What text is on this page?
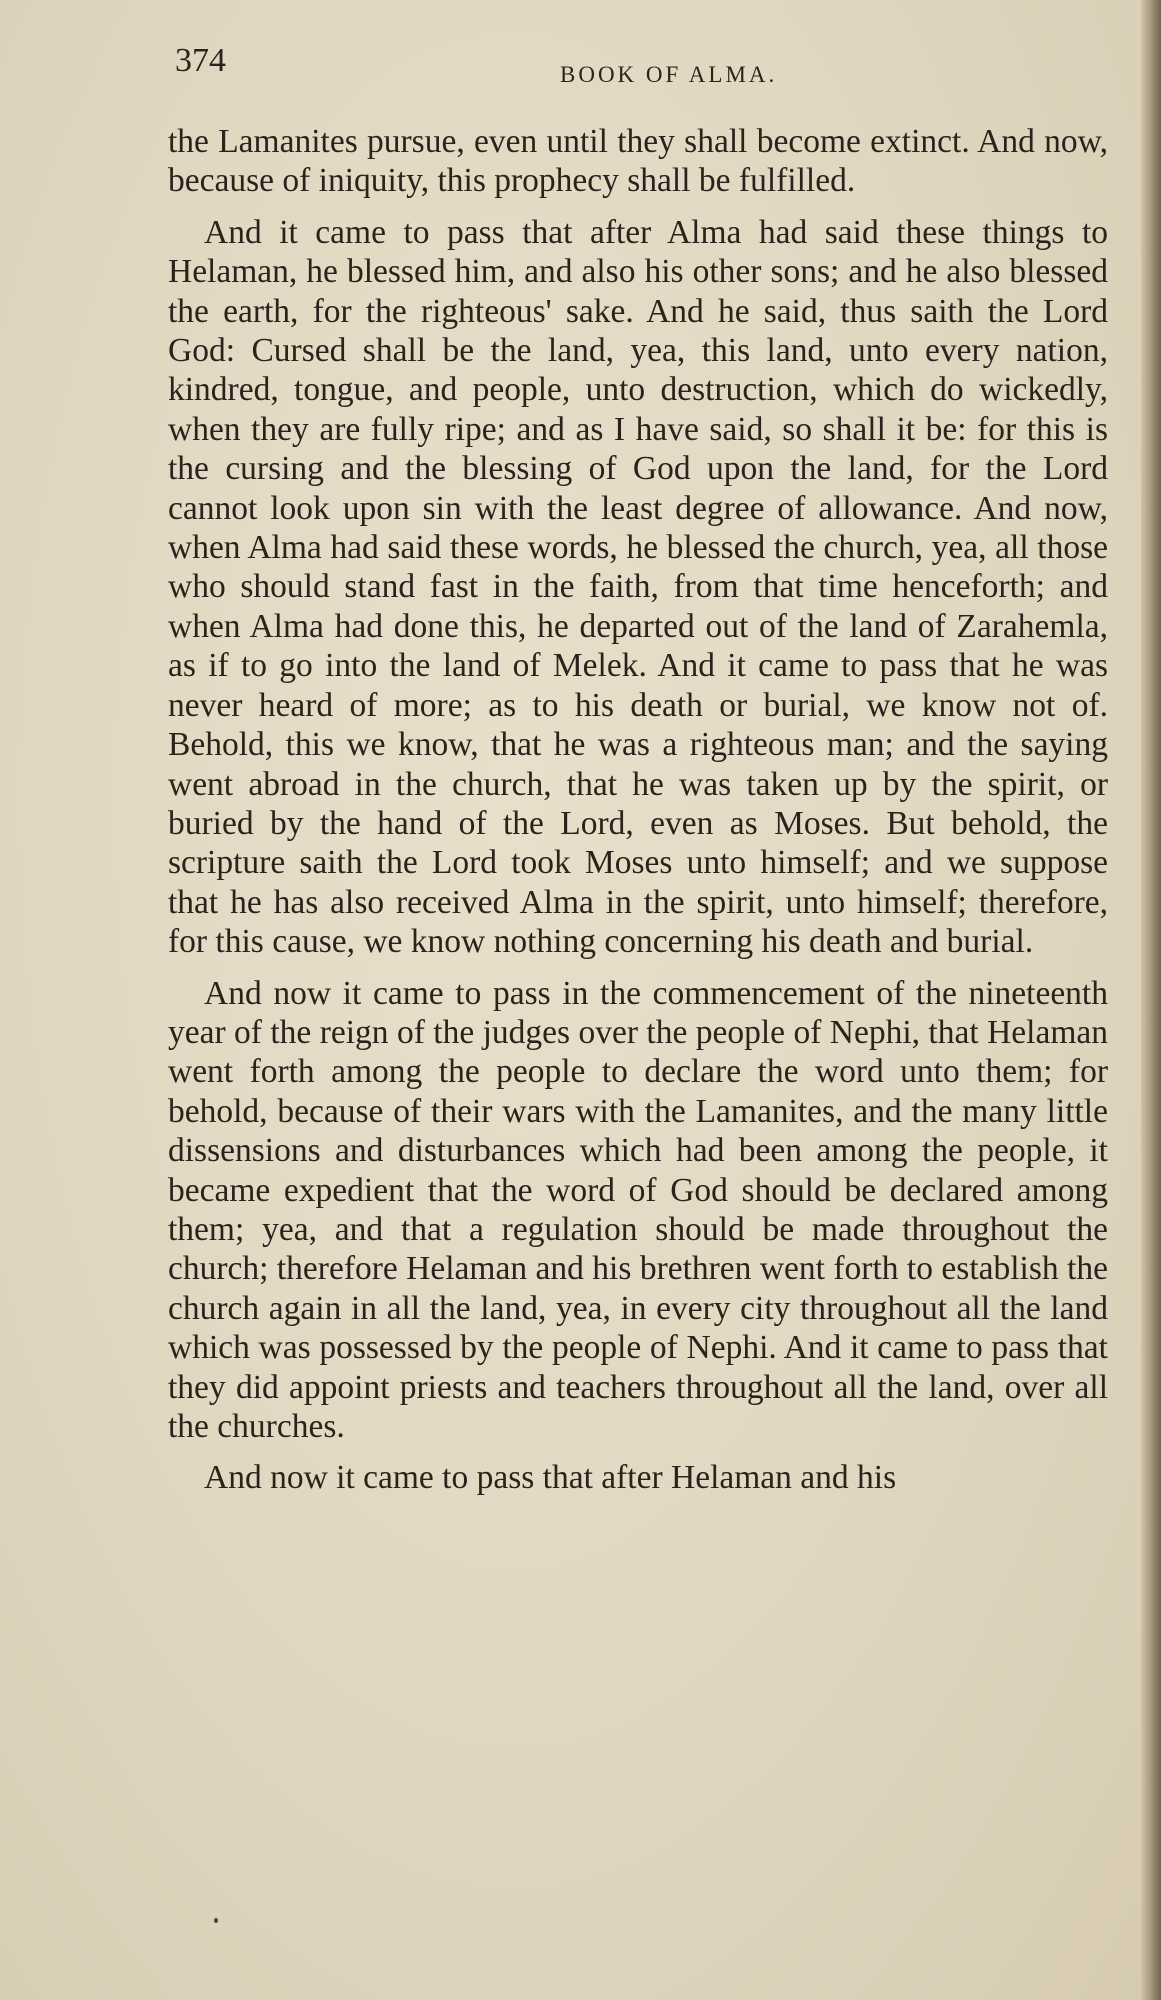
374	BOOK OF ALMA.

the Lamanites pursue, even until they shall become extinct. And now, because of iniquity, this prophecy shall be fulfilled.

And it came to pass that after Alma had said these things to Helaman, he blessed him, and also his other sons; and he also blessed the earth, for the righteous' sake. And he said, thus saith the Lord God: Cursed shall be the land, yea, this land, unto every nation, kindred, tongue, and people, unto destruction, which do wickedly, when they are fully ripe; and as I have said, so shall it be: for this is the cursing and the blessing of God upon the land, for the Lord cannot look upon sin with the least degree of allowance. And now, when Alma had said these words, he blessed the church, yea, all those who should stand fast in the faith, from that time henceforth; and when Alma had done this, he departed out of the land of Zarahemla, as if to go into the land of Melek. And it came to pass that he was never heard of more; as to his death or burial, we know not of. Behold, this we know, that he was a righteous man; and the saying went abroad in the church, that he was taken up by the spirit, or buried by the hand of the Lord, even as Moses. But behold, the scripture saith the Lord took Moses unto himself; and we suppose that he has also received Alma in the spirit, unto himself; therefore, for this cause, we know nothing concerning his death and burial.

And now it came to pass in the commencement of the nineteenth year of the reign of the judges over the people of Nephi, that Helaman went forth among the people to declare the word unto them; for behold, because of their wars with the Lamanites, and the many little dissensions and disturbances which had been among the people, it became expedient that the word of God should be declared among them; yea, and that a regulation should be made throughout the church; therefore Helaman and his brethren went forth to establish the church again in all the land, yea, in every city throughout all the land which was possessed by the people of Nephi. And it came to pass that they did appoint priests and teachers throughout all the land, over all the churches.

And now it came to pass that after Helaman and his
